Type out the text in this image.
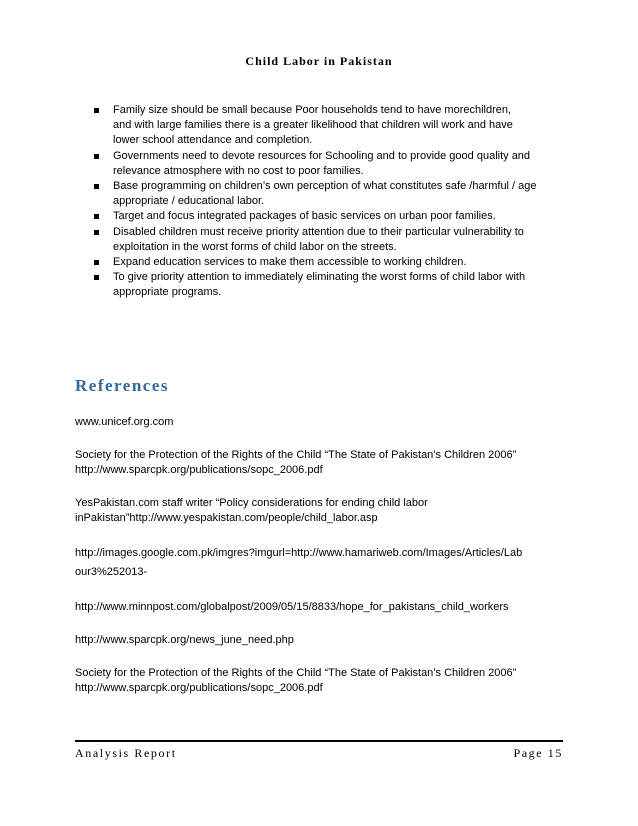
Child Labor in Pakistan
Family size should be small because Poor households tend to have morechildren,
and with large families there is a greater likelihood that children will work and have
lower school attendance and completion.
Governments need to devote resources for Schooling and to provide good quality and
relevance atmosphere with no cost to poor families.
Base programming on children’s own perception of what constitutes safe /harmful / age
appropriate / educational labor.
Target and focus integrated packages of basic services on urban poor families.
Disabled children must receive priority attention due to their particular vulnerability to
exploitation in the worst forms of child labor on the streets.
Expand education services to make them accessible to working children.
To give priority attention to immediately eliminating the worst forms of child labor with
appropriate programs.
References
www.unicef.org.com
Society for the Protection of the Rights of the Child “The State of Pakistan’s Children 2006”
http://www.sparcpk.org/publications/sopc_2006.pdf
YesPakistan.com staff writer “Policy considerations for ending child labor
inPakistan”http://www.yespakistan.com/people/child_labor.asp
http://images.google.com.pk/imgres?imgurl=http://www.hamariweb.com/Images/Articles/Lab
our3%252013-
http://www.minnpost.com/globalpost/2009/05/15/8833/hope_for_pakistans_child_workers
http://www.sparcpk.org/news_june_need.php
Society for the Protection of the Rights of the Child “The State of Pakistan’s Children 2006”
http://www.sparcpk.org/publications/sopc_2006.pdf
Analysis Report	Page 15
